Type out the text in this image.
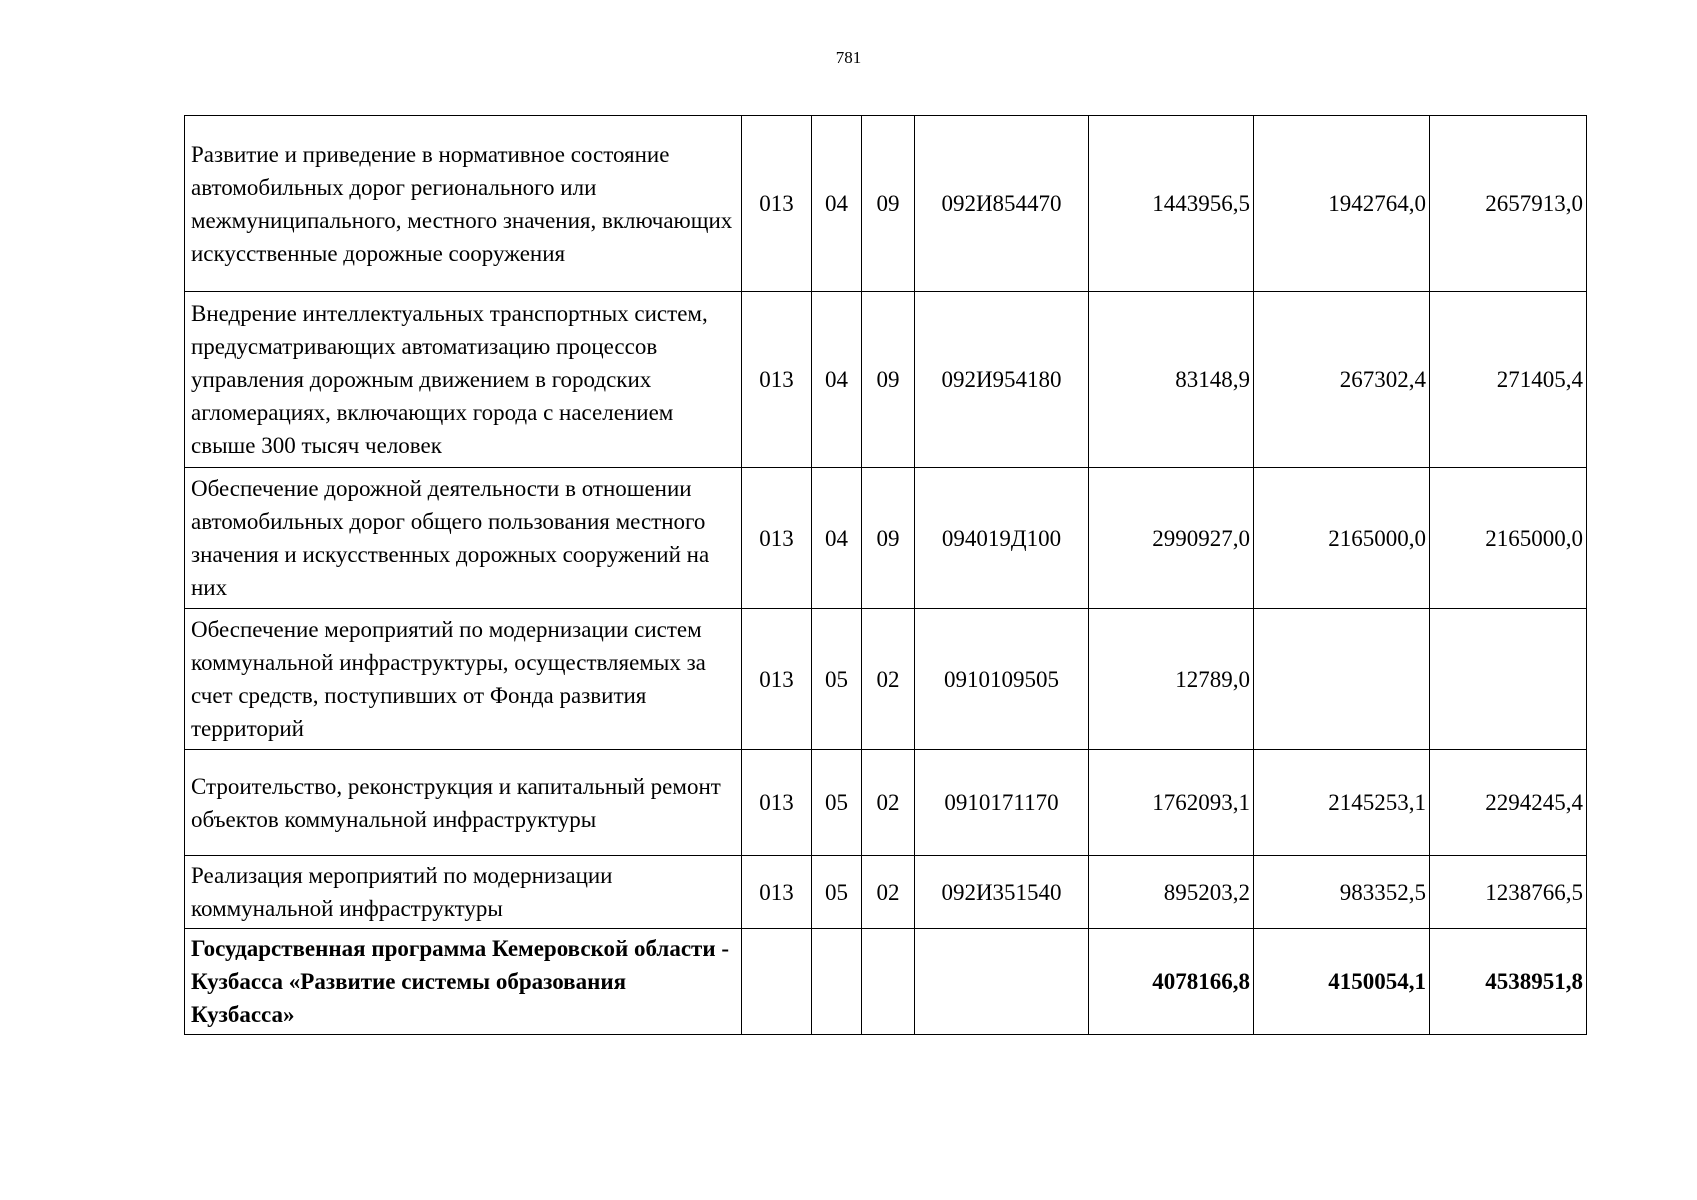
781
Развитие и приведение в нормативное состояние автомобильных дорог регионального или межмуниципального, местного значения, включающих искусственные дорожные сооружения	013	04	09	092И854470	1443956,5	1942764,0	2657913,0
Внедрение интеллектуальных транспортных систем, предусматривающих автоматизацию процессов управления дорожным движением в городских агломерациях, включающих города с населением свыше 300 тысяч человек	013	04	09	092И954180	83148,9	267302,4	271405,4
Обеспечение дорожной деятельности в отношении автомобильных дорог общего пользования местного значения и искусственных дорожных сооружений на них	013	04	09	094019Д100	2990927,0	2165000,0	2165000,0
Обеспечение мероприятий по модернизации систем коммунальной инфраструктуры, осуществляемых за счет средств, поступивших от Фонда развития территорий	013	05	02	0910109505	12789,0		
Строительство, реконструкция и капитальный ремонт объектов коммунальной инфраструктуры	013	05	02	0910171170	1762093,1	2145253,1	2294245,4
Реализация мероприятий по модернизации коммунальной инфраструктуры	013	05	02	092И351540	895203,2	983352,5	1238766,5
Государственная программа Кемеровской области - Кузбасса «Развитие системы образования Кузбасса»					4078166,8	4150054,1	4538951,8
